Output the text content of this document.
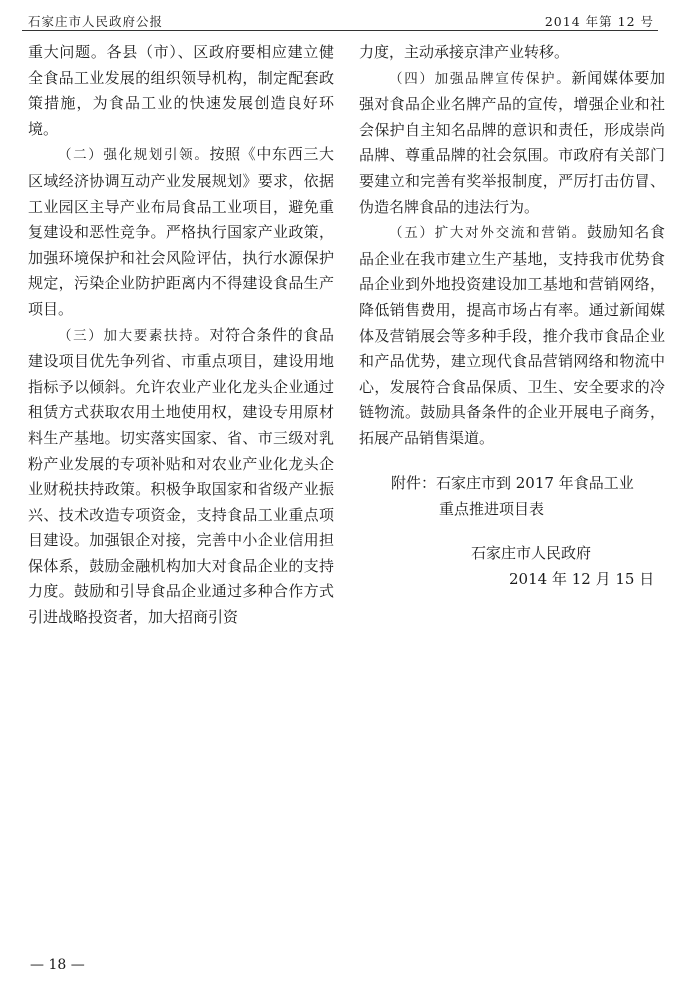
石家庄市人民政府公报	2014 年第 12 号

重大问题。各县（市）、区政府要相应建立健全食品工业发展的组织领导机构，制定配套政策措施，为食品工业的快速发展创造良好环境。

（二）强化规划引领。按照《中东西三大区域经济协调互动产业发展规划》要求，依据工业园区主导产业布局食品工业项目，避免重复建设和恶性竞争。严格执行国家产业政策，加强环境保护和社会风险评估，执行水源保护规定，污染企业防护距离内不得建设食品生产项目。

（三）加大要素扶持。对符合条件的食品建设项目优先争列省、市重点项目，建设用地指标予以倾斜。允许农业产业化龙头企业通过租赁方式获取农用土地使用权，建设专用原材料生产基地。切实落实国家、省、市三级对乳粉产业发展的专项补贴和对农业产业化龙头企业财税扶持政策。积极争取国家和省级产业振兴、技术改造专项资金，支持食品工业重点项目建设。加强银企对接，完善中小企业信用担保体系，鼓励金融机构加大对食品企业的支持力度。鼓励和引导食品企业通过多种合作方式引进战略投资者，加大招商引资

力度，主动承接京津产业转移。

（四）加强品牌宣传保护。新闻媒体要加强对食品企业名牌产品的宣传，增强企业和社会保护自主知名品牌的意识和责任，形成崇尚品牌、尊重品牌的社会氛围。市政府有关部门要建立和完善有奖举报制度，严厉打击仿冒、伪造名牌食品的违法行为。

（五）扩大对外交流和营销。鼓励知名食品企业在我市建立生产基地，支持我市优势食品企业到外地投资建设加工基地和营销网络，降低销售费用，提高市场占有率。通过新闻媒体及营销展会等多种手段，推介我市食品企业和产品优势，建立现代食品营销网络和物流中心，发展符合食品保质、卫生、安全要求的冷链物流。鼓励具备条件的企业开展电子商务，拓展产品销售渠道。

附件：石家庄市到 2017 年食品工业
重点推进项目表
石家庄市人民政府
2014 年 12 月 15 日
— 18 —
